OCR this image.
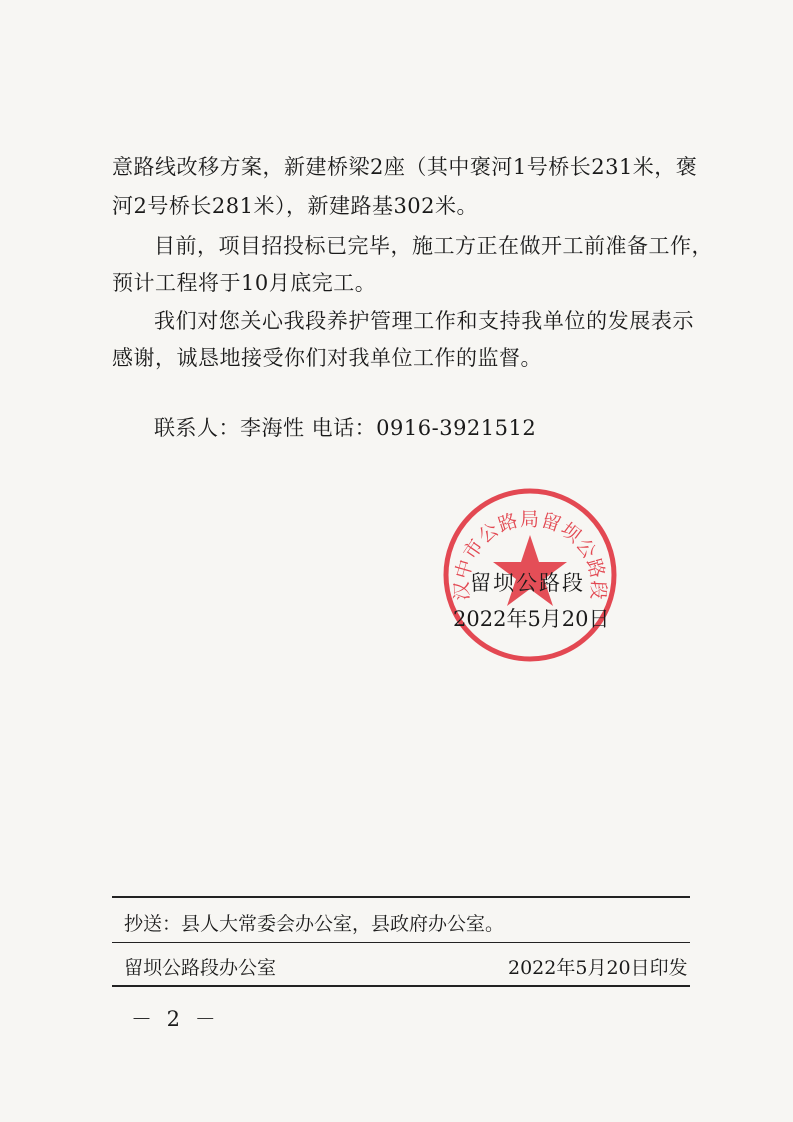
意路线改移方案，新建桥梁2座（其中褒河1号桥长231米，褒
河2号桥长281米），新建路基302米。
目前，项目招投标已完毕，施工方正在做开工前准备工作，
预计工程将于10月底完工。
我们对您关心我段养护管理工作和支持我单位的发展表示
感谢，诚恳地接受你们对我单位工作的监督。
联系人：李海性 电话：0916-3921512
汉中市公路局留坝公路段
留坝公路段
2022年5月20日
抄送：县人大常委会办公室，县政府办公室。
留坝公路段办公室	2022年5月20日印发
－ 2 －
